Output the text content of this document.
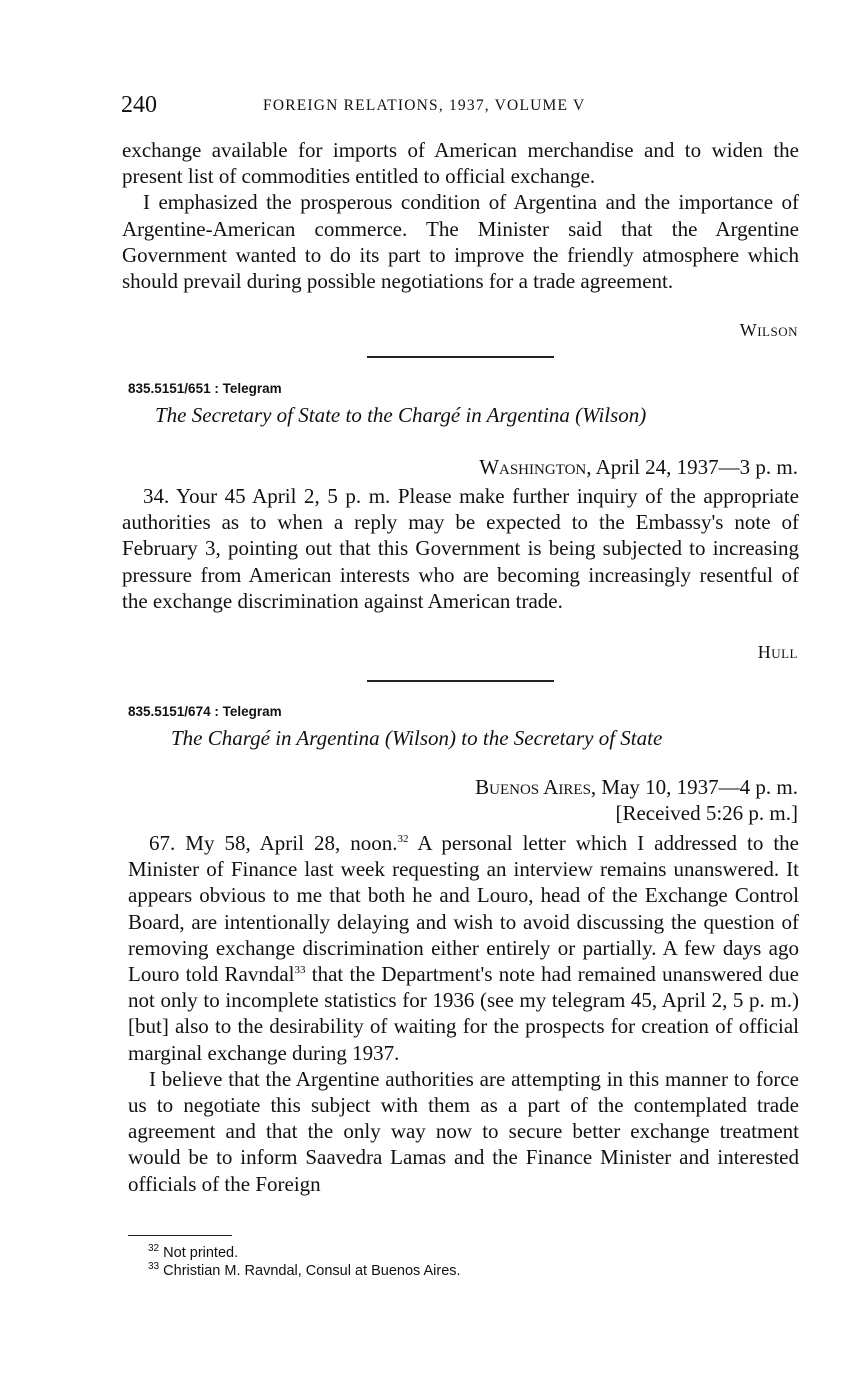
240	FOREIGN RELATIONS, 1937, VOLUME V

exchange available for imports of American merchandise and to widen the present list of commodities entitled to official exchange.

I emphasized the prosperous condition of Argentina and the importance of Argentine-American commerce. The Minister said that the Argentine Government wanted to do its part to improve the friendly atmosphere which should prevail during possible negotiations for a trade agreement.

Wilson
835.5151/651 : Telegram
The Secretary of State to the Chargé in Argentina (Wilson)
Washington, April 24, 1937—3 p. m.

34. Your 45 April 2, 5 p. m. Please make further inquiry of the appropriate authorities as to when a reply may be expected to the Embassy's note of February 3, pointing out that this Government is being subjected to increasing pressure from American interests who are becoming increasingly resentful of the exchange discrimination against American trade.

Hull
835.5151/674 : Telegram
The Chargé in Argentina (Wilson) to the Secretary of State
Buenos Aires, May 10, 1937—4 p. m.
[Received 5:26 p. m.]

67. My 58, April 28, noon.$^{32}$ A personal letter which I addressed to the Minister of Finance last week requesting an interview remains unanswered. It appears obvious to me that both he and Louro, head of the Exchange Control Board, are intentionally delaying and wish to avoid discussing the question of removing exchange discrimination either entirely or partially. A few days ago Louro told Ravndal$^{33}$ that the Department's note had remained unanswered due not only to incomplete statistics for 1936 (see my telegram 45, April 2, 5 p. m.) [but] also to the desirability of waiting for the prospects for creation of official marginal exchange during 1937.

I believe that the Argentine authorities are attempting in this manner to force us to negotiate this subject with them as a part of the contemplated trade agreement and that the only way now to secure better exchange treatment would be to inform Saavedra Lamas and the Finance Minister and interested officials of the Foreign

$^{32}$ Not printed.
$^{33}$ Christian M. Ravndal, Consul at Buenos Aires.
